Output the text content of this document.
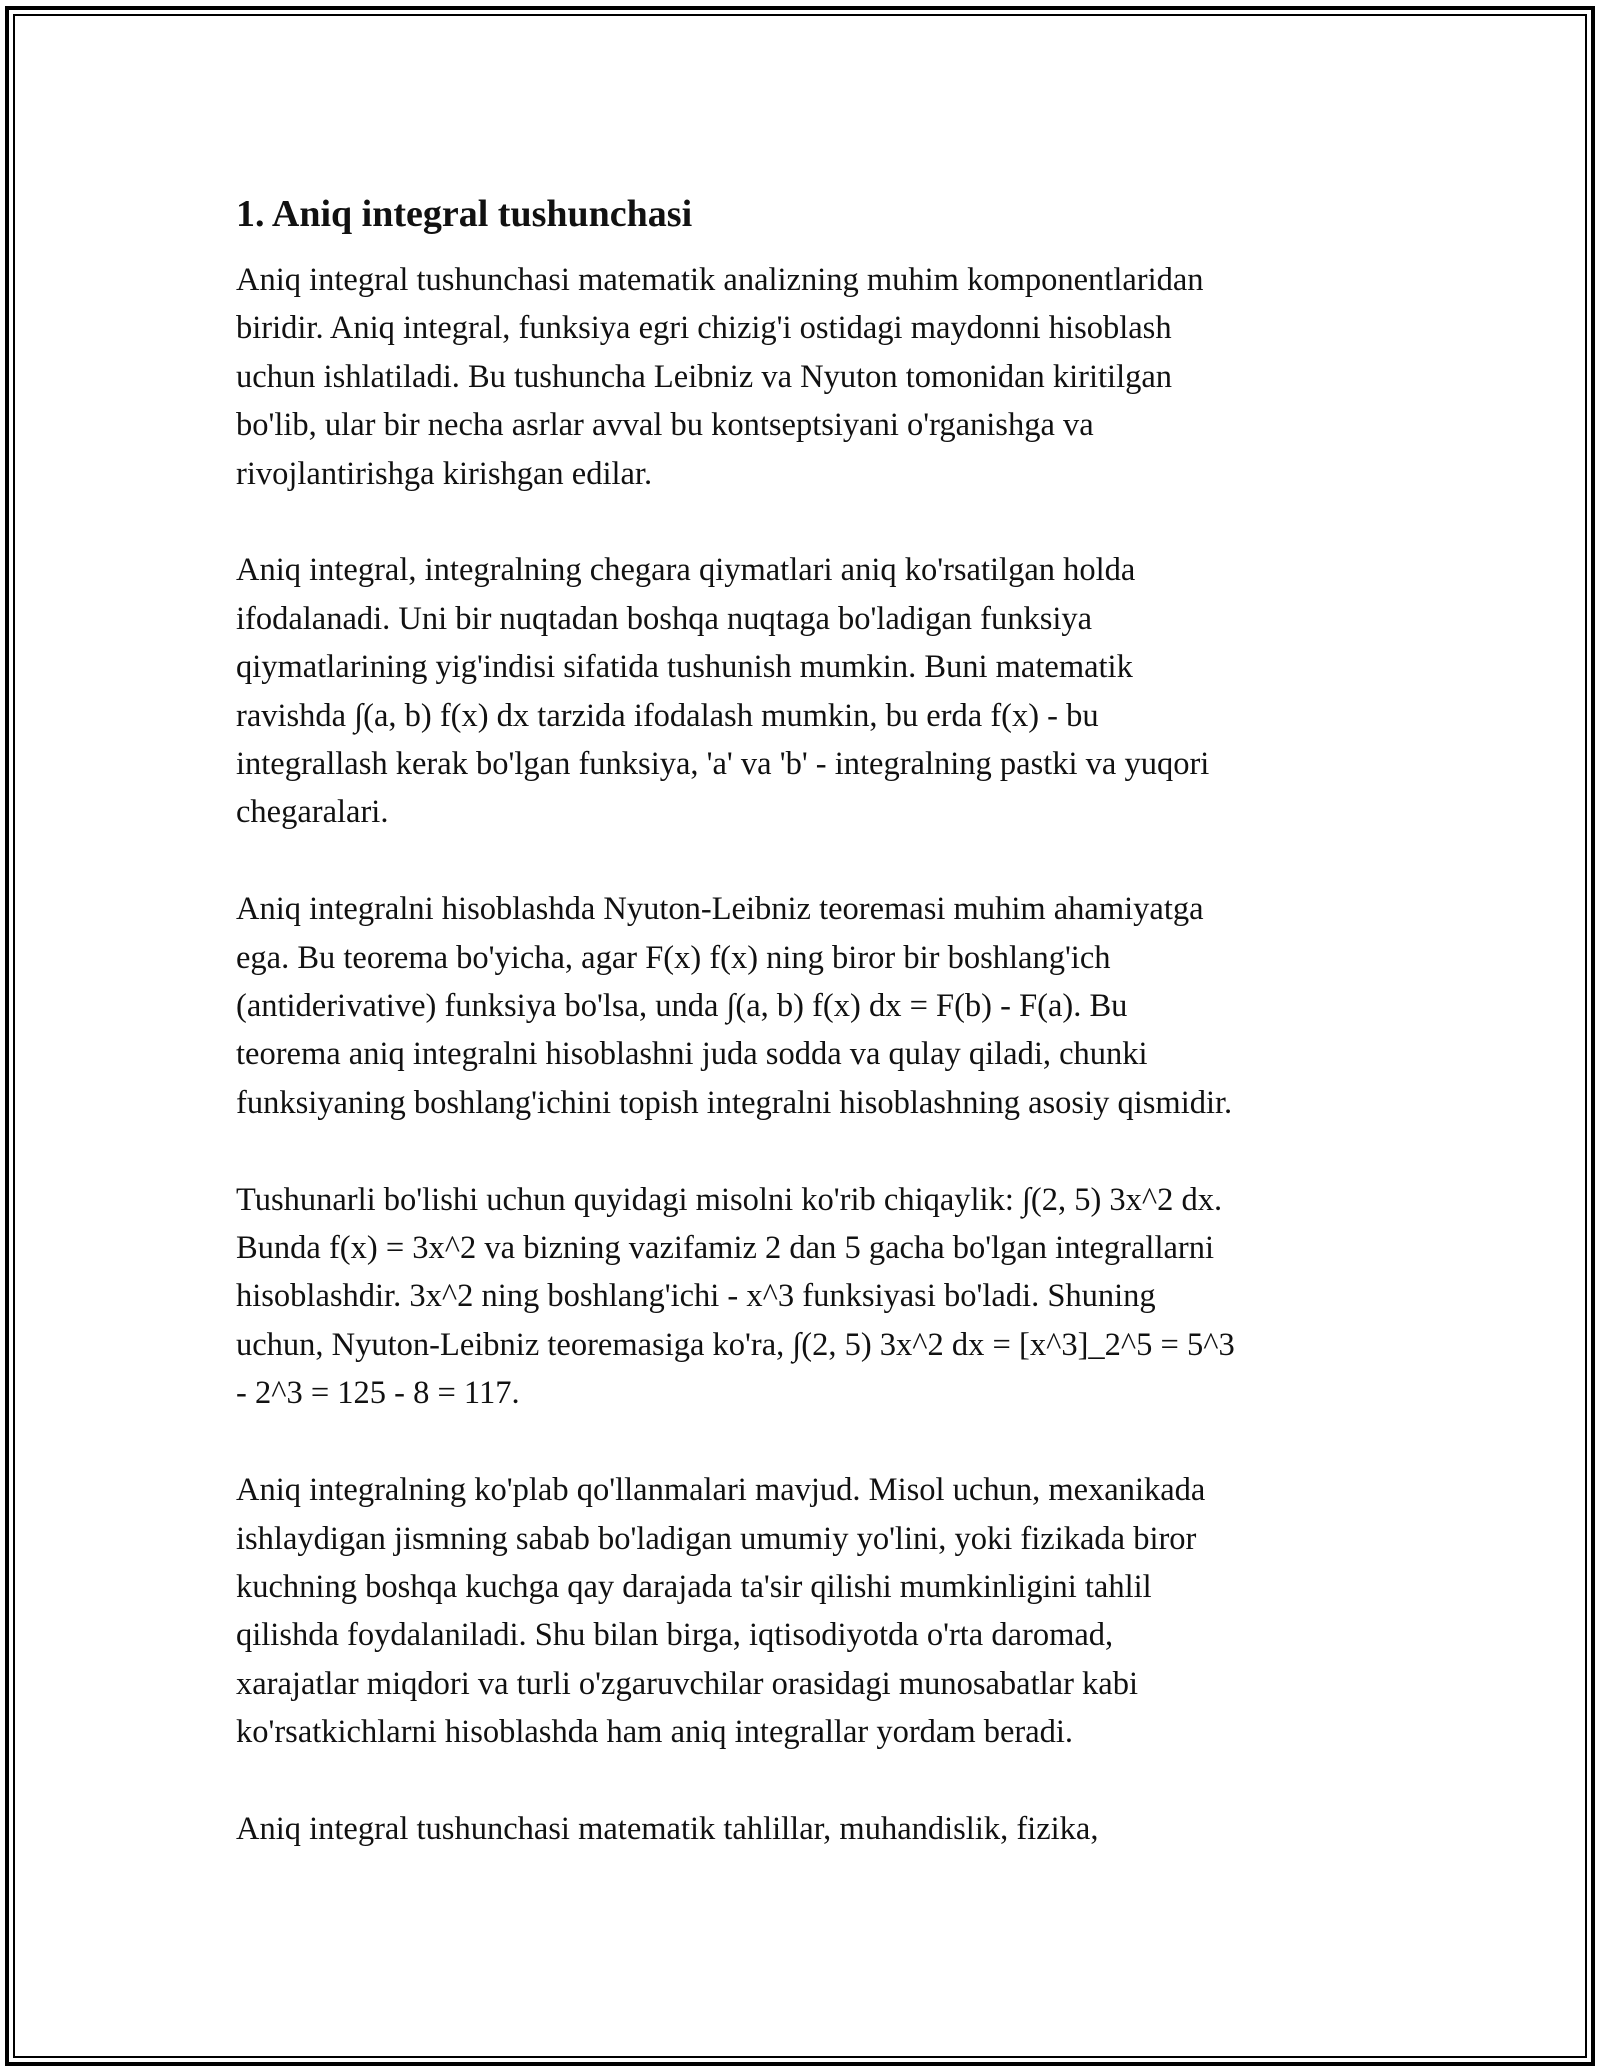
1. Aniq integral tushunchasi

Aniq integral tushunchasi matematik analizning muhim komponentlaridan
biridir. Aniq integral, funksiya egri chizig'i ostidagi maydonni hisoblash
uchun ishlatiladi. Bu tushuncha Leibniz va Nyuton tomonidan kiritilgan
bo'lib, ular bir necha asrlar avval bu kontseptsiyani o'rganishga va
rivojlantirishga kirishgan edilar.

Aniq integral, integralning chegara qiymatlari aniq ko'rsatilgan holda
ifodalanadi. Uni bir nuqtadan boshqa nuqtaga bo'ladigan funksiya
qiymatlarining yig'indisi sifatida tushunish mumkin. Buni matematik
ravishda ∫(a, b) f(x) dx tarzida ifodalash mumkin, bu erda f(x) - bu
integrallash kerak bo'lgan funksiya, 'a' va 'b' - integralning pastki va yuqori
chegaralari.

Aniq integralni hisoblashda Nyuton-Leibniz teoremasi muhim ahamiyatga
ega. Bu teorema bo'yicha, agar F(x) f(x) ning biror bir boshlang'ich
(antiderivative) funksiya bo'lsa, unda ∫(a, b) f(x) dx = F(b) - F(a). Bu
teorema aniq integralni hisoblashni juda sodda va qulay qiladi, chunki
funksiyaning boshlang'ichini topish integralni hisoblashning asosiy qismidir.

Tushunarli bo'lishi uchun quyidagi misolni ko'rib chiqaylik: ∫(2, 5) 3x^2 dx.
Bunda f(x) = 3x^2 va bizning vazifamiz 2 dan 5 gacha bo'lgan integrallarni
hisoblashdir. 3x^2 ning boshlang'ichi - x^3 funksiyasi bo'ladi. Shuning
uchun, Nyuton-Leibniz teoremasiga ko'ra, ∫(2, 5) 3x^2 dx = [x^3]_2^5 = 5^3
- 2^3 = 125 - 8 = 117.

Aniq integralning ko'plab qo'llanmalari mavjud. Misol uchun, mexanikada
ishlaydigan jismning sabab bo'ladigan umumiy yo'lini, yoki fizikada biror
kuchning boshqa kuchga qay darajada ta'sir qilishi mumkinligini tahlil
qilishda foydalaniladi. Shu bilan birga, iqtisodiyotda o'rta daromad,
xarajatlar miqdori va turli o'zgaruvchilar orasidagi munosabatlar kabi
ko'rsatkichlarni hisoblashda ham aniq integrallar yordam beradi.

Aniq integral tushunchasi matematik tahlillar, muhandislik, fizika,
